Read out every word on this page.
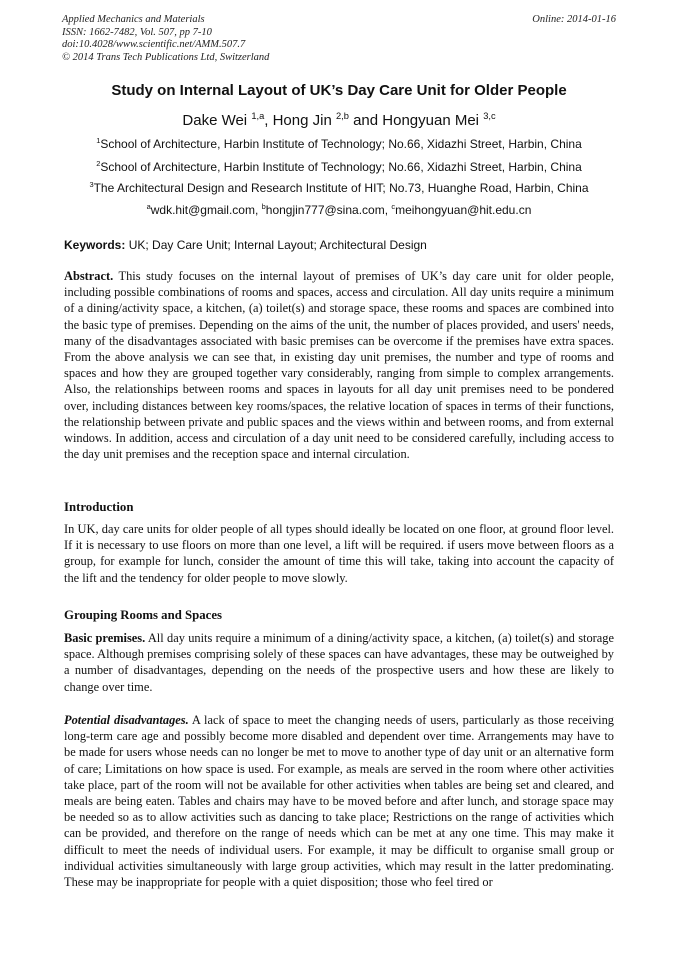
Applied Mechanics and Materials
ISSN: 1662-7482, Vol. 507, pp 7-10
doi:10.4028/www.scientific.net/AMM.507.7
© 2014 Trans Tech Publications Ltd, Switzerland
Online: 2014-01-16
Study on Internal Layout of UK’s Day Care Unit for Older People
Dake Wei $^{1,a}$, Hong Jin $^{2,b}$ and Hongyuan Mei $^{3,c}$
$^1$School of Architecture, Harbin Institute of Technology; No.66, Xidazhi Street, Harbin, China
$^2$School of Architecture, Harbin Institute of Technology; No.66, Xidazhi Street, Harbin, China
$^3$The Architectural Design and Research Institute of HIT; No.73, Huanghe Road, Harbin, China
$^a$wdk.hit@gmail.com, $^b$hongjin777@sina.com, $^c$meihongyuan@hit.edu.cn
Keywords: UK; Day Care Unit; Internal Layout; Architectural Design
Abstract. This study focuses on the internal layout of premises of UK’s day care unit for older people, including possible combinations of rooms and spaces, access and circulation. All day units require a minimum of a dining/activity space, a kitchen, (a) toilet(s) and storage space, these rooms and spaces are combined into the basic type of premises. Depending on the aims of the unit, the number of places provided, and users' needs, many of the disadvantages associated with basic premises can be overcome if the premises have extra spaces. From the above analysis we can see that, in existing day unit premises, the number and type of rooms and spaces and how they are grouped together vary considerably, ranging from simple to complex arrangements. Also, the relationships between rooms and spaces in layouts for all day unit premises need to be pondered over, including distances between key rooms/spaces, the relative location of spaces in terms of their functions, the relationship between private and public spaces and the views within and between rooms, and from external windows. In addition, access and circulation of a day unit need to be considered carefully, including access to the day unit premises and the reception space and internal circulation.
Introduction
In UK, day care units for older people of all types should ideally be located on one floor, at ground floor level. If it is necessary to use floors on more than one level, a lift will be required. if users move between floors as a group, for example for lunch, consider the amount of time this will take, taking into account the capacity of the lift and the tendency for older people to move slowly.
Grouping Rooms and Spaces
Basic premises. All day units require a minimum of a dining/activity space, a kitchen, (a) toilet(s) and storage space. Although premises comprising solely of these spaces can have advantages, these may be outweighed by a number of disadvantages, depending on the needs of the prospective users and how these are likely to change over time.
Potential disadvantages. A lack of space to meet the changing needs of users, particularly as those receiving long-term care age and possibly become more disabled and dependent over time. Arrangements may have to be made for users whose needs can no longer be met to move to another type of day unit or an alternative form of care; Limitations on how space is used. For example, as meals are served in the room where other activities take place, part of the room will not be available for other activities when tables are being set and cleared, and meals are being eaten. Tables and chairs may have to be moved before and after lunch, and storage space may be needed so as to allow activities such as dancing to take place; Restrictions on the range of activities which can be provided, and therefore on the range of needs which can be met at any one time. This may make it difficult to meet the needs of individual users. For example, it may be difficult to organise small group or individual activities simultaneously with large group activities, which may result in the latter predominating. These may be inappropriate for people with a quiet disposition; those who feel tired or
